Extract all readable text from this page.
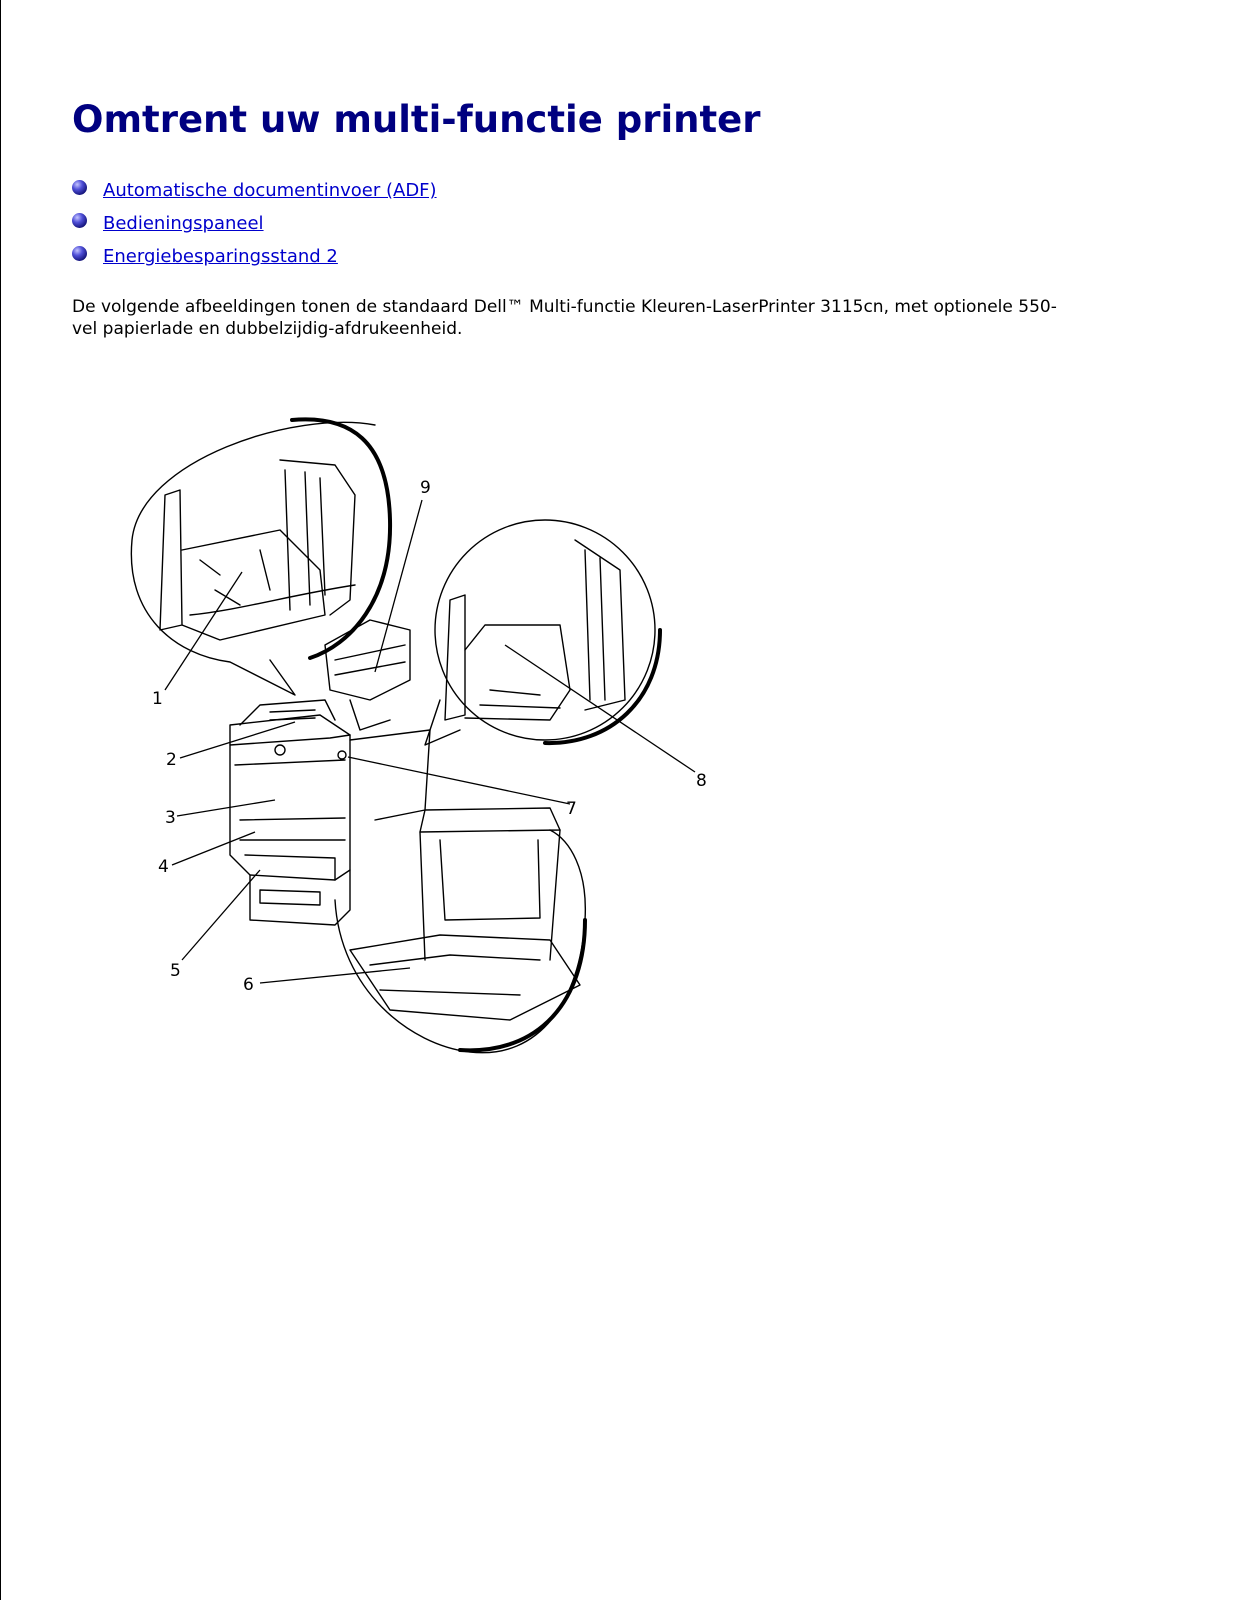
Omtrent uw multi-functie printer
Automatische documentinvoer (ADF)
Bedieningspaneel
Energiebesparingsstand 2

De volgende afbeeldingen tonen de standaard Dell™ Multi-functie Kleuren-LaserPrinter 3115cn, met optionele 550-vel papierlade en dubbelzijdig-afdrukeenheid.

1
2
3
4
5
6
7
8
9
